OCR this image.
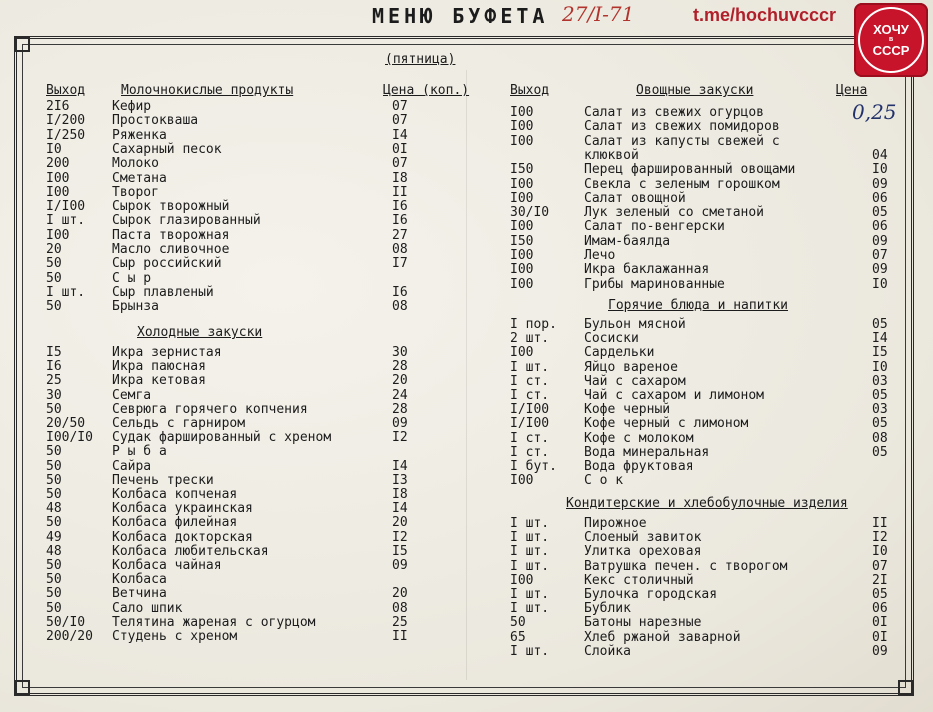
МЕНЮ БУФЕТА 27/I-71	t.me/hochuvcccr
ХОЧУ
в
СССР
(пятница)
Выход	Молочнокислые продукты	Цена (коп.)
2I6	Кефир	07
I/200 Простокваша	07
I/250 Ряженка	I4
I0	Сахарный песок	0I
200	Молоко	07
I00	Сметана	I8
I00	Творог	II
I/I00 Сырок творожный	I6
I шт. Сырок глазированный	I6
I00	Паста творожная	27
20	Масло сливочное	08
50	Сыр российский	I7
50	С ы р
I шт. Сыр плавленый	I6
50	Брынза	08
Холодные закуски
I5	Икра зернистая	30
I6	Икра паюсная	28
25	Икра кетовая	20
30	Семга	24
50	Севрюга горячего копчения	28
20/50 Сельдь с гарниром	09
I00/I0 Судак фаршированный с хреном	I2
50	Р ы б а
50	Сайра	I4
50	Печень трески	I3
50	Колбаса копченая	I8
48	Колбаса украинская	I4
50	Колбаса филейная	20
49	Колбаса докторская	I2
48	Колбаса любительская	I5
50	Колбаса чайная	09
50	Колбаса
50	Ветчина	20
50	Сало шпик	08
50/I0 Телятина жареная с огурцом	25
200/20 Студень с хреном	II
Выход	Овощные закуски	Цена
0,25
I00	Салат из свежих огурцов
I00	Салат из свежих помидоров
I00	Салат из капусты свежей с
клюквой	04
I50	Перец фаршированный овощами	I0
I00	Свекла с зеленым горошком	09
I00	Салат овощной	06
30/I0	Лук зеленый со сметаной	05
I00	Салат по-венгерски	06
I50	Имам-баялда	09
I00	Лечо	07
I00	Икра баклажанная	09
I00	Грибы маринованные	I0
Горячие блюда и напитки
I пор. Бульон мясной	05
2 шт.	Сосиски	I4
I00	Сардельки	I5
I шт.	Яйцо вареное	I0
I ст.	Чай с сахаром	03
I ст.	Чай с сахаром и лимоном	05
I/I00	Кофе черный	03
I/I00	Кофе черный с лимоном	05
I ст.	Кофе с молоком	08
I ст.	Вода минеральная	05
I бут. Вода фруктовая
I00	С о к
Кондитерские и хлебобулочные изделия
I шт.	Пирожное	II
I шт.	Слоеный завиток	I2
I шт.	Улитка ореховая	I0
I шт.	Ватрушка печен. с творогом	07
I00	Кекс столичный	2I
I шт.	Булочка городская	05
I шт.	Бублик	06
50	Батоны нарезные	0I
65	Хлеб ржаной заварной	0I
I шт.	Слойка	09
